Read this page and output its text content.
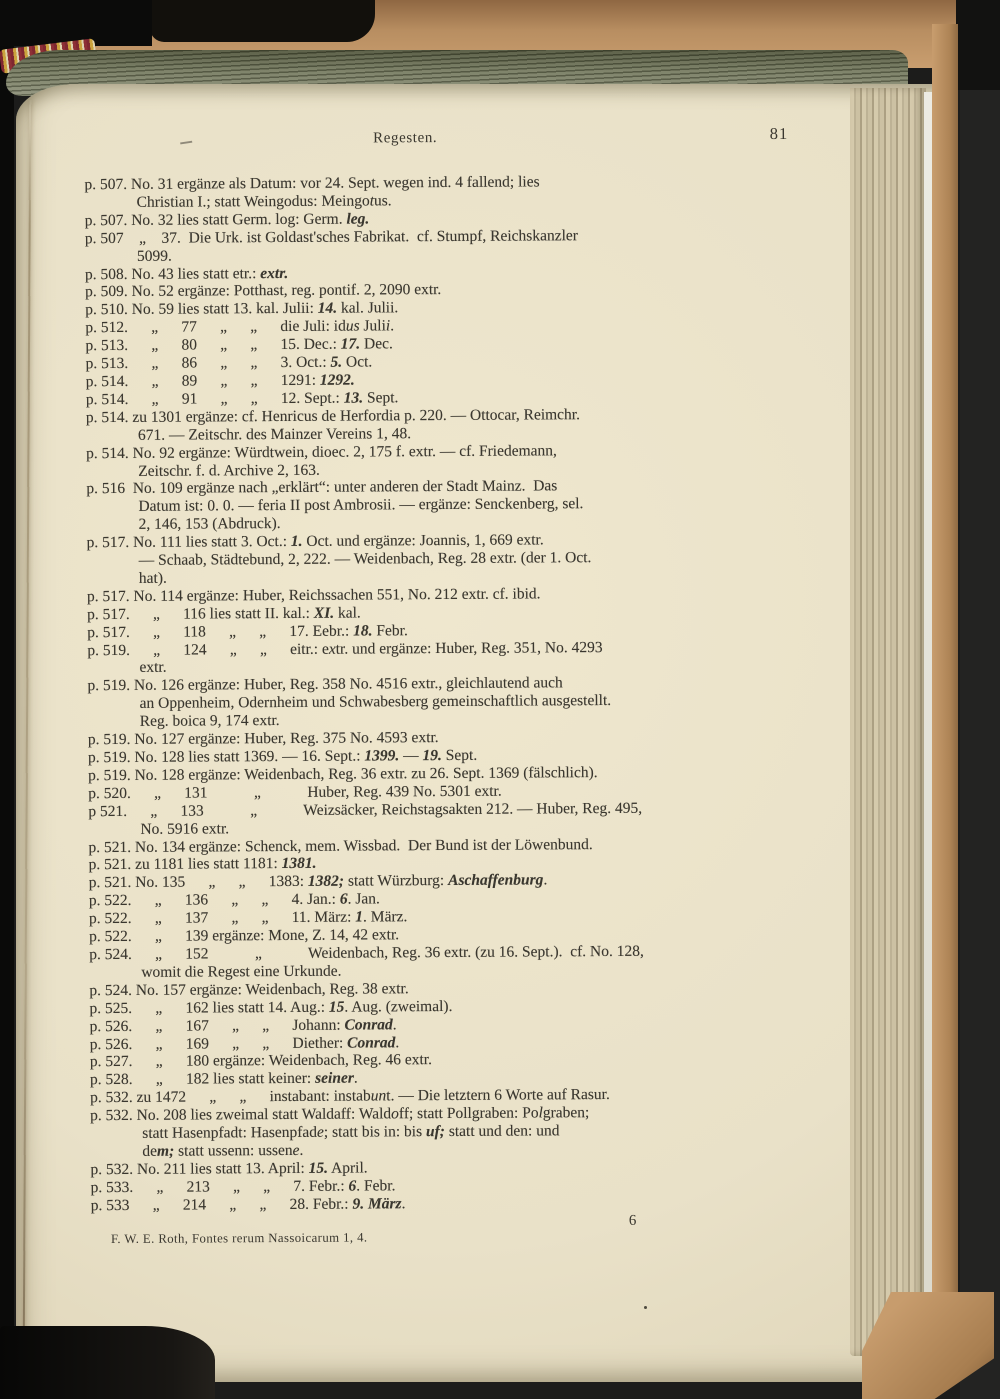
Regesten.	81
p. 507. No. 31 ergänze als Datum: vor 24. Sept. wegen ind. 4 fallend; lies
Christian I.; statt Weingodus: Meingotus.
p. 507. No. 32 lies statt Germ. log: Germ. leg.
p. 507    „    37.  Die Urk. ist Goldast'sches Fabrikat.  cf. Stumpf, Reichskanzler
5099.
p. 508. No. 43 lies statt etr.: extr.
p. 509. No. 52 ergänze: Potthast, reg. pontif. 2, 2090 extr.
p. 510. No. 59 lies statt 13. kal. Julii: 14. kal. Julii.
p. 512.      „      77      „      „      die Juli: idus Julii.
p. 513.      „      80      „      „      15. Dec.: 17. Dec.
p. 513.      „      86      „      „      3. Oct.: 5. Oct.
p. 514.      „      89      „      „      1291: 1292.
p. 514.      „      91      „      „      12. Sept.: 13. Sept.
p. 514. zu 1301 ergänze: cf. Henricus de Herfordia p. 220. — Ottocar, Reimchr.
671. — Zeitschr. des Mainzer Vereins 1, 48.
p. 514. No. 92 ergänze: Würdtwein, dioec. 2, 175 f. extr. — cf. Friedemann,
Zeitschr. f. d. Archive 2, 163.
p. 516  No. 109 ergänze nach „erklärt“: unter anderen der Stadt Mainz.  Das
Datum ist: 0. 0. — feria II post Ambrosii. — ergänze: Senckenberg, sel.
2, 146, 153 (Abdruck).
p. 517. No. 111 lies statt 3. Oct.: 1. Oct. und ergänze: Joannis, 1, 669 extr.
— Schaab, Städtebund, 2, 222. — Weidenbach, Reg. 28 extr. (der 1. Oct.
hat).
p. 517. No. 114 ergänze: Huber, Reichssachen 551, No. 212 extr. cf. ibid.
p. 517.      „      116 lies statt II. kal.: XI. kal.
p. 517.      „      118      „      „      17. Eebr.: 18. Febr.
p. 519.      „      124      „      „      eitr.: extr. und ergänze: Huber, Reg. 351, No. 4293
extr.
p. 519. No. 126 ergänze: Huber, Reg. 358 No. 4516 extr., gleichlautend auch
an Oppenheim, Odernheim und Schwabesberg gemeinschaftlich ausgestellt.
Reg. boica 9, 174 extr.
p. 519. No. 127 ergänze: Huber, Reg. 375 No. 4593 extr.
p. 519. No. 128 lies statt 1369. — 16. Sept.: 1399. — 19. Sept.
p. 519. No. 128 ergänze: Weidenbach, Reg. 36 extr. zu 26. Sept. 1369 (fälschlich).
p. 520.      „      131            „            Huber, Reg. 439 No. 5301 extr.
p 521.      „      133            „            Weizsäcker, Reichstagsakten 212. — Huber, Reg. 495,
No. 5916 extr.
p. 521. No. 134 ergänze: Schenck, mem. Wissbad.  Der Bund ist der Löwenbund.
p. 521. zu 1181 lies statt 1181: 1381.
p. 521. No. 135      „      „      1383: 1382; statt Würzburg: Aschaffenburg.
p. 522.      „      136      „      „      4. Jan.: 6. Jan.
p. 522.      „      137      „      „      11. März: 1. März.
p. 522.      „      139 ergänze: Mone, Z. 14, 42 extr.
p. 524.      „      152            „            Weidenbach, Reg. 36 extr. (zu 16. Sept.).  cf. No. 128,
womit die Regest eine Urkunde.
p. 524. No. 157 ergänze: Weidenbach, Reg. 38 extr.
p. 525.      „      162 lies statt 14. Aug.: 15. Aug. (zweimal).
p. 526.      „      167      „      „      Johann: Conrad.
p. 526.      „      169      „      „      Diether: Conrad.
p. 527.      „      180 ergänze: Weidenbach, Reg. 46 extr.
p. 528.      „      182 lies statt keiner: seiner.
p. 532. zu 1472      „      „      instabant: instabunt. — Die letztern 6 Worte auf Rasur.
p. 532. No. 208 lies zweimal statt Waldaff: Waldoff; statt Pollgraben: Polgraben;
statt Hasenpfadt: Hasenpfade; statt bis in: bis uf; statt und den: und
dem; statt ussenn: ussene.
p. 532. No. 211 lies statt 13. April: 15. April.
p. 533.      „      213      „      „      7. Febr.: 6. Febr.
p. 533      „      214      „      „      28. Febr.: 9. März.
F. W. E. Roth, Fontes rerum Nassoicarum 1, 4.
6
